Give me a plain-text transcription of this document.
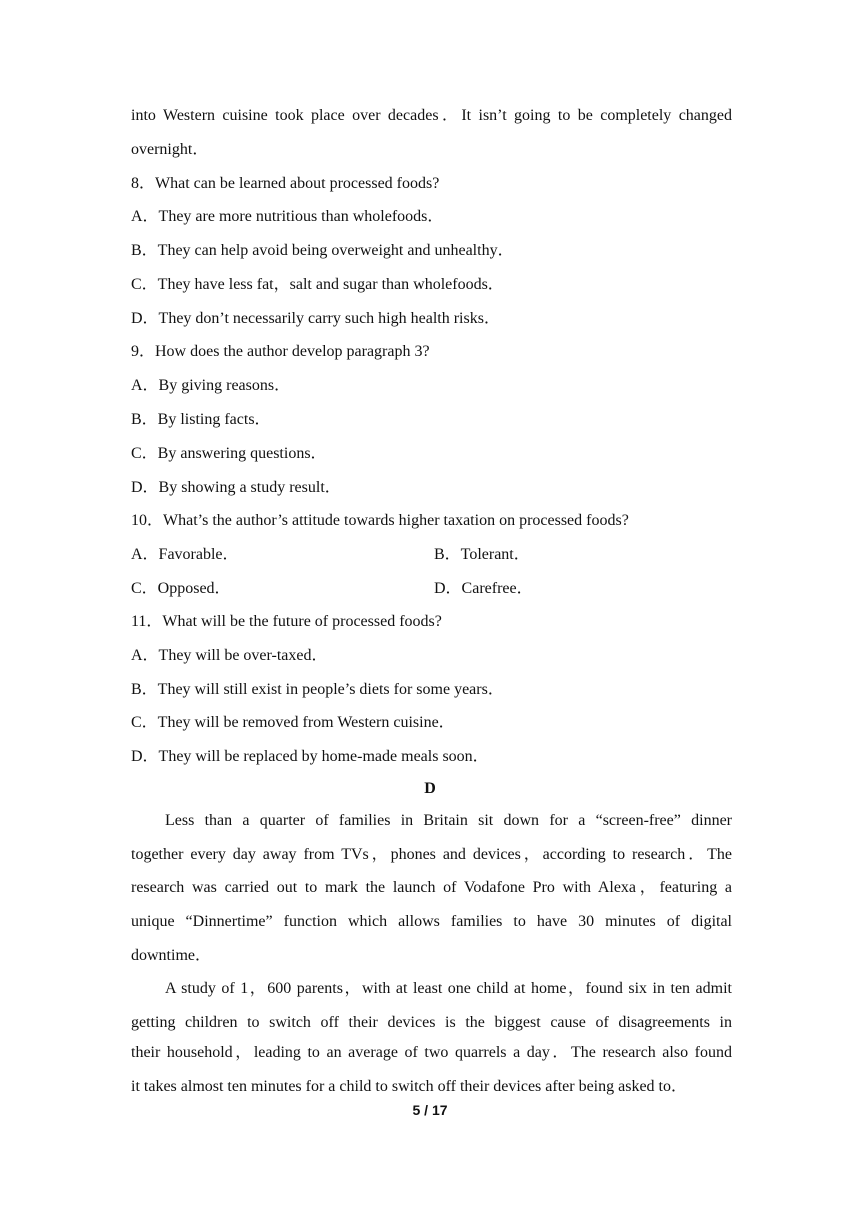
into Western cuisine took place over decades．It isn’t going to be completely changed
overnight．
8．What can be learned about processed foods?
A．They are more nutritious than wholefoods．
B．They can help avoid being overweight and unhealthy．
C．They have less fat，salt and sugar than wholefoods．
D．They don’t necessarily carry such high health risks．
9．How does the author develop paragraph 3?
A．By giving reasons．
B．By listing facts．
C．By answering questions．
D．By showing a study result．
10．What’s the author’s attitude towards higher taxation on processed foods?
A．Favorable．	B．Tolerant．
C．Opposed．	D．Carefree．
11．What will be the future of processed foods?
A．They will be over-taxed．
B．They will still exist in people’s diets for some years．
C．They will be removed from Western cuisine．
D．They will be replaced by home-made meals soon．
D
Less than a quarter of families in Britain sit down for a “screen-free” dinner
together every day away from TVs，phones and devices，according to research．The
research was carried out to mark the launch of Vodafone Pro with Alexa，featuring a
unique “Dinnertime” function which allows families to have 30 minutes of digital
downtime．
A study of 1，600 parents，with at least one child at home，found six in ten admit
getting children to switch off their devices is the biggest cause of disagreements in
their household，leading to an average of two quarrels a day．The research also found
it takes almost ten minutes for a child to switch off their devices after being asked to．
5 / 17
